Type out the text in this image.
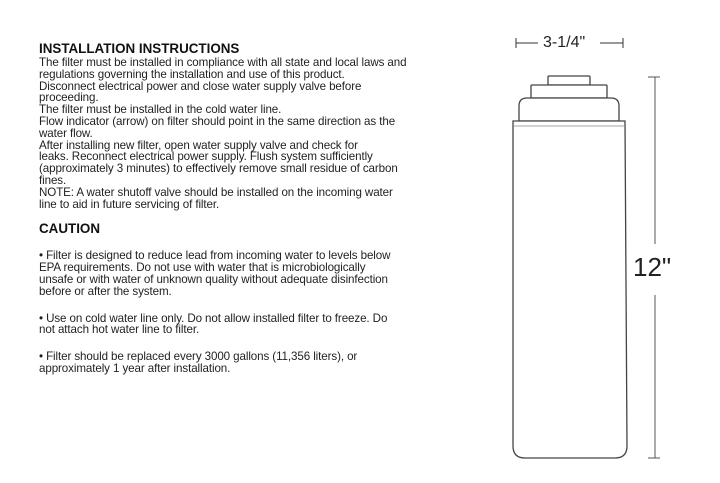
INSTALLATION INSTRUCTIONS

The filter must be installed in compliance with all state and local laws and

regulations governing the installation and use of this product.

Disconnect electrical power and close water supply valve before

proceeding.

The filter must be installed in the cold water line.

Flow indicator (arrow) on filter should point in the same direction as the

water flow.

After installing new filter, open water supply valve and check for

leaks. Reconnect electrical power supply. Flush system sufficiently

(approximately 3 minutes) to effectively remove small residue of carbon

fines.

NOTE: A water shutoff valve should be installed on the incoming water

line to aid in future servicing of filter.

CAUTION

• Filter is designed to reduce lead from incoming water to levels below

EPA requirements. Do not use with water that is microbiologically

unsafe or with water of unknown quality without adequate disinfection

before or after the system.

• Use on cold water line only. Do not allow installed filter to freeze. Do

not attach hot water line to filter.

• Filter should be replaced every 3000 gallons (11,356 liters), or

approximately 1 year after installation.

3-1/4"
12"
